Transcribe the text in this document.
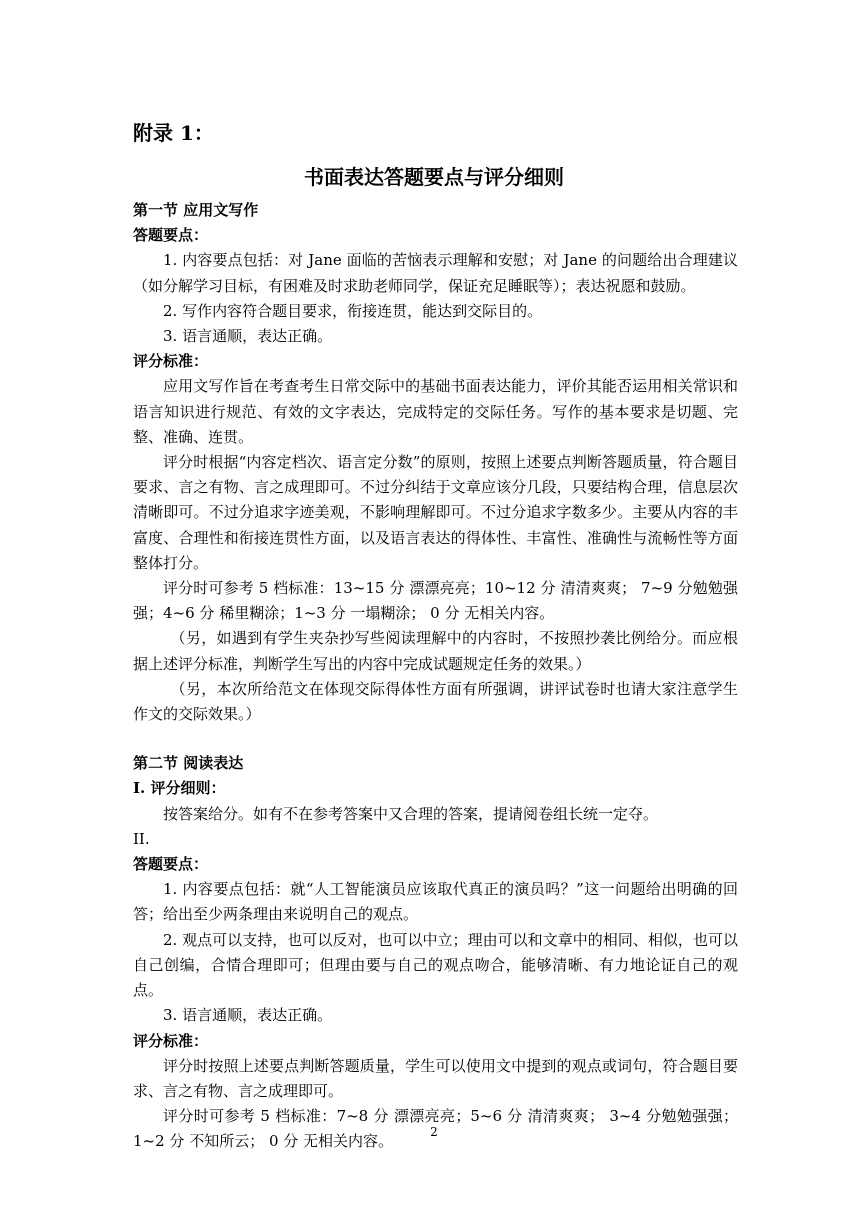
附录 1：
书面表达答题要点与评分细则

第一节 应用文写作

答题要点：

1. 内容要点包括：对 Jane 面临的苦恼表示理解和安慰；对 Jane 的问题给出合理建议（如分解学习目标，有困难及时求助老师同学，保证充足睡眠等）；表达祝愿和鼓励。

2. 写作内容符合题目要求，衔接连贯，能达到交际目的。

3. 语言通顺，表达正确。

评分标准：

应用文写作旨在考查考生日常交际中的基础书面表达能力，评价其能否运用相关常识和语言知识进行规范、有效的文字表达，完成特定的交际任务。写作的基本要求是切题、完整、准确、连贯。

评分时根据“内容定档次、语言定分数”的原则，按照上述要点判断答题质量，符合题目要求、言之有物、言之成理即可。不过分纠结于文章应该分几段，只要结构合理，信息层次清晰即可。不过分追求字迹美观，不影响理解即可。不过分追求字数多少。主要从内容的丰富度、合理性和衔接连贯性方面，以及语言表达的得体性、丰富性、准确性与流畅性等方面整体打分。

评分时可参考 5 档标准：13~15 分 漂漂亮亮；10~12 分 清清爽爽； 7~9 分勉勉强强；4~6 分 稀里糊涂；1~3 分 一塌糊涂； 0 分 无相关内容。

（另，如遇到有学生夹杂抄写些阅读理解中的内容时，不按照抄袭比例给分。而应根据上述评分标准，判断学生写出的内容中完成试题规定任务的效果。）

（另，本次所给范文在体现交际得体性方面有所强调，讲评试卷时也请大家注意学生作文的交际效果。）

第二节 阅读表达

I. 评分细则：

按答案给分。如有不在参考答案中又合理的答案，提请阅卷组长统一定夺。

II.

答题要点：

1. 内容要点包括：就“人工智能演员应该取代真正的演员吗？”这一问题给出明确的回答；给出至少两条理由来说明自己的观点。

2. 观点可以支持，也可以反对，也可以中立；理由可以和文章中的相同、相似，也可以自己创编，合情合理即可；但理由要与自己的观点吻合，能够清晰、有力地论证自己的观点。

3. 语言通顺，表达正确。

评分标准：

评分时按照上述要点判断答题质量，学生可以使用文中提到的观点或词句，符合题目要求、言之有物、言之成理即可。

评分时可参考 5 档标准：7~8 分 漂漂亮亮；5~6 分 清清爽爽； 3~4 分勉勉强强； 1~2 分 不知所云； 0 分 无相关内容。

2
